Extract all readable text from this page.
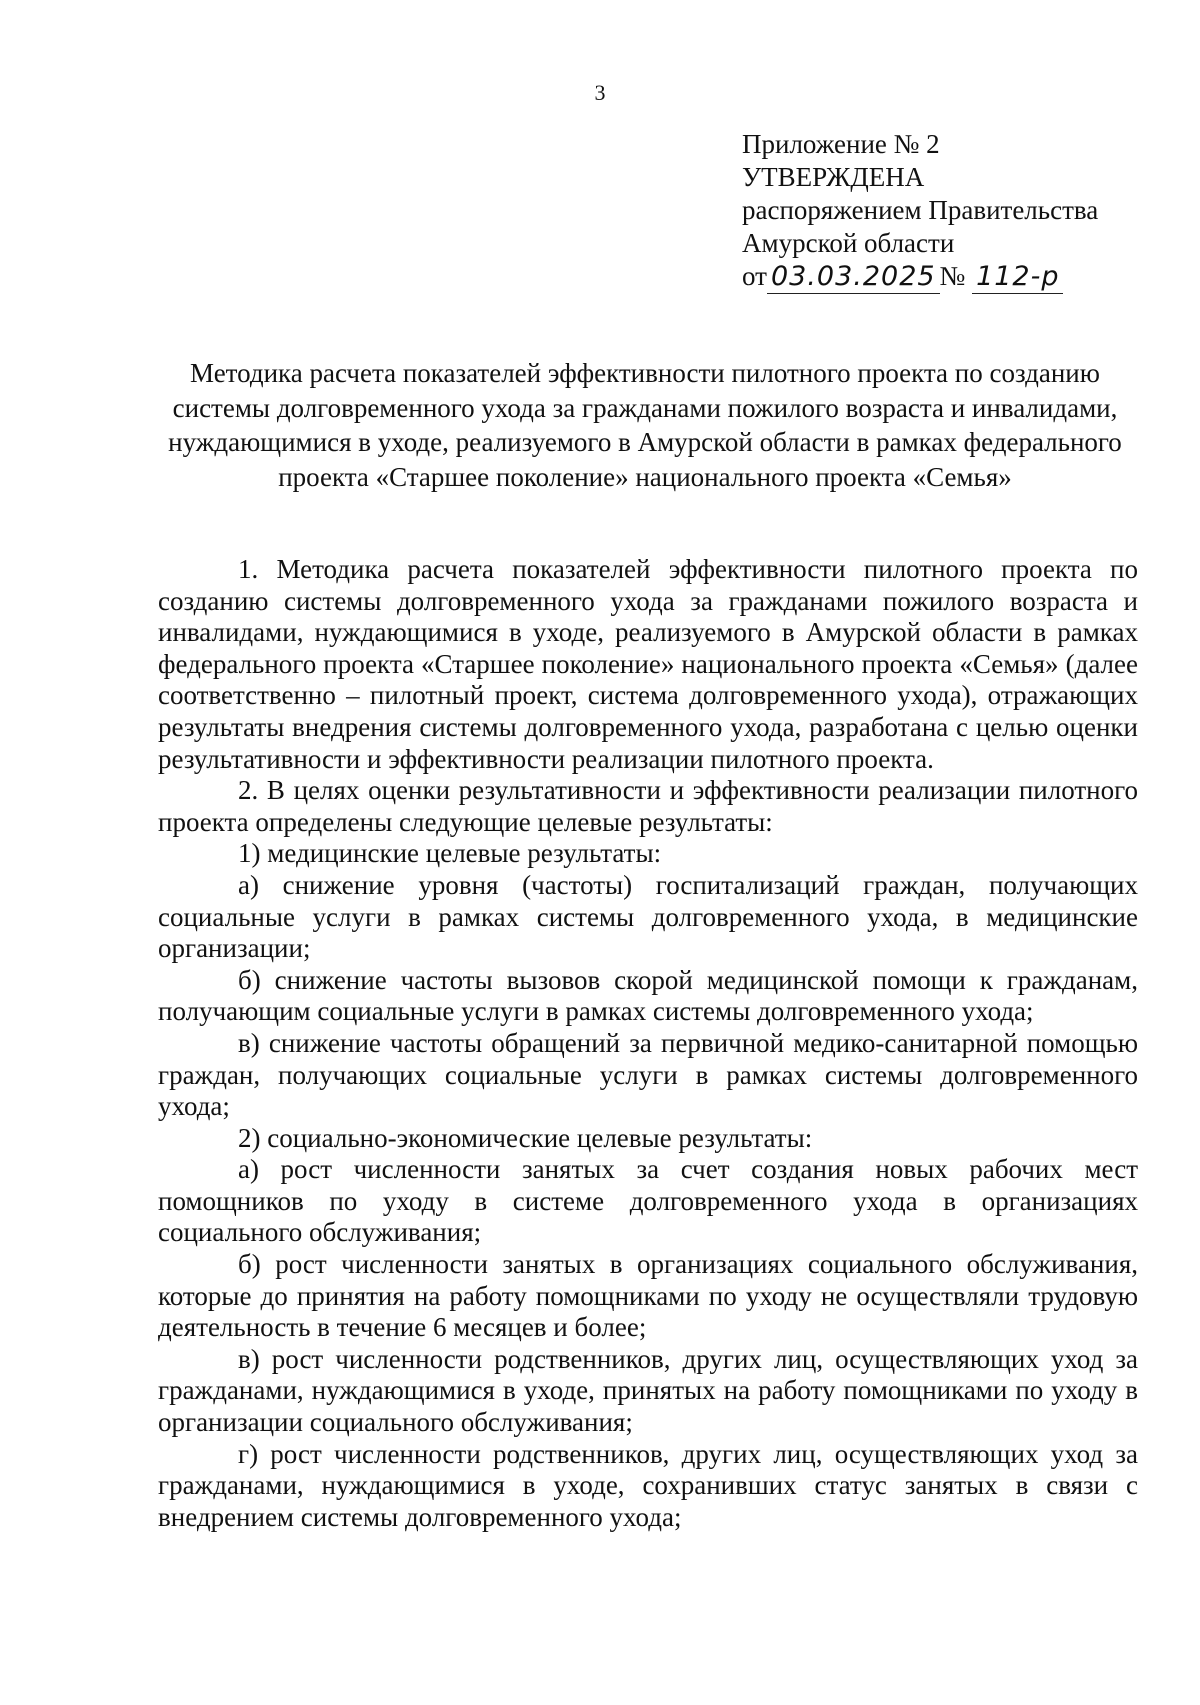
3
Приложение № 2
УТВЕРЖДЕНА
распоряжением Правительства
Амурской области
от 03.03.2025 № 112-р
Методика расчета показателей эффективности пилотного проекта по созданию системы долговременного ухода за гражданами пожилого возраста и инвалидами, нуждающимися в уходе, реализуемого в Амурской области в рамках федерального проекта «Старшее поколение» национального проекта «Семья»

1. Методика расчета показателей эффективности пилотного проекта по созданию системы долговременного ухода за гражданами пожилого возраста и инвалидами, нуждающимися в уходе, реализуемого в Амурской области в рамках федерального проекта «Старшее поколение» национального проекта «Семья» (далее соответственно – пилотный проект, система долговременного ухода), отражающих результаты внедрения системы долговременного ухода, разработана с целью оценки результативности и эффективности реализации пилотного проекта.

2. В целях оценки результативности и эффективности реализации пилотного проекта определены следующие целевые результаты:

1) медицинские целевые результаты:

а) снижение уровня (частоты) госпитализаций граждан, получающих социальные услуги в рамках системы долговременного ухода, в медицинские организации;

б) снижение частоты вызовов скорой медицинской помощи к гражданам, получающим социальные услуги в рамках системы долговременного ухода;

в) снижение частоты обращений за первичной медико-санитарной помощью граждан, получающих социальные услуги в рамках системы долговременного ухода;

2) социально-экономические целевые результаты:

а) рост численности занятых за счет создания новых рабочих мест помощников по уходу в системе долговременного ухода в организациях социального обслуживания;

б) рост численности занятых в организациях социального обслуживания, которые до принятия на работу помощниками по уходу не осуществляли трудовую деятельность в течение 6 месяцев и более;

в) рост численности родственников, других лиц, осуществляющих уход за гражданами, нуждающимися в уходе, принятых на работу помощниками по уходу в организации социального обслуживания;

г) рост численности родственников, других лиц, осуществляющих уход за гражданами, нуждающимися в уходе, сохранивших статус занятых в связи с внедрением системы долговременного ухода;
